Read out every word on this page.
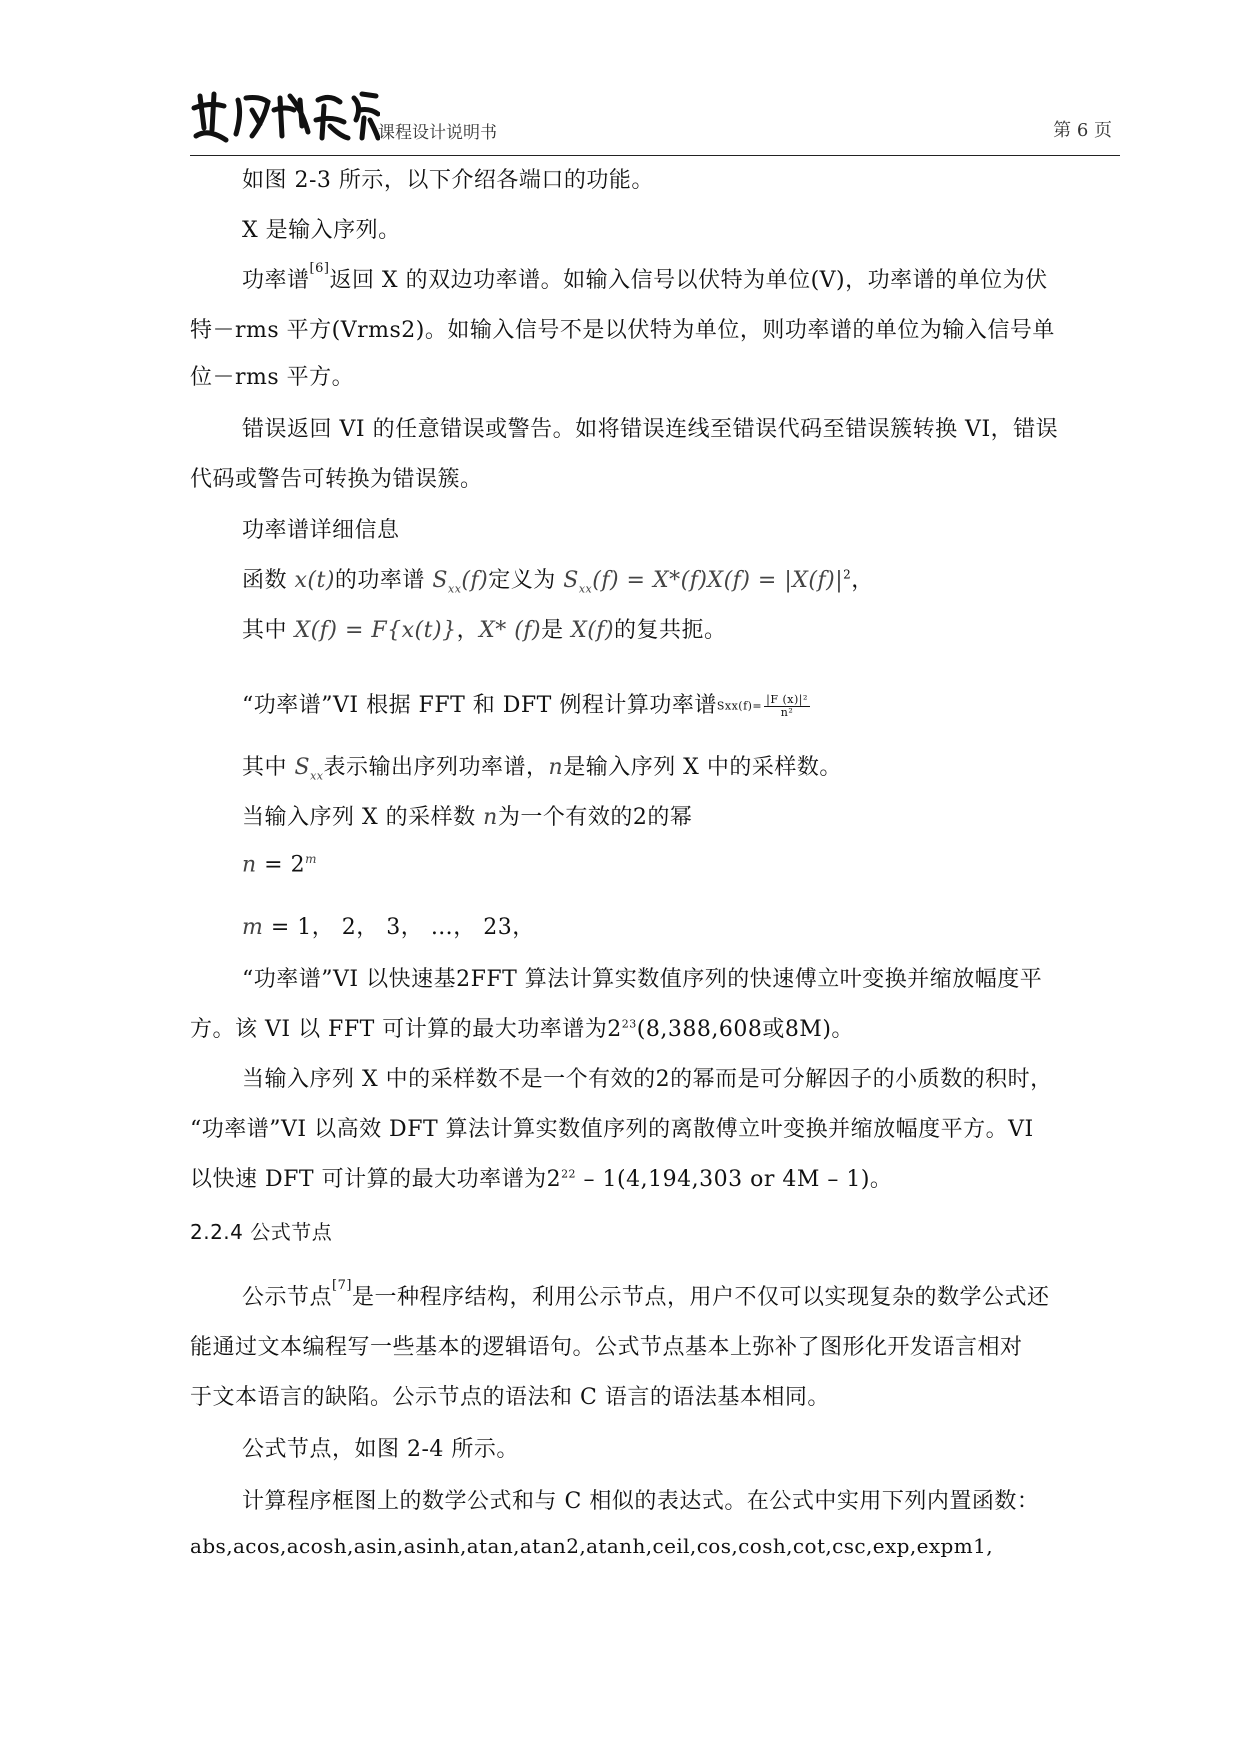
课程设计说明书	第 6 页
如图 2-3 所示，以下介绍各端口的功能。
X 是输入序列。
功率谱[6]返回 X 的双边功率谱。如输入信号以伏特为单位(V)，功率谱的单位为伏
特－rms 平方(Vrms2)。如输入信号不是以伏特为单位，则功率谱的单位为输入信号单
位－rms 平方。
错误返回 VI 的任意错误或警告。如将错误连线至错误代码至错误簇转换 VI，错误
代码或警告可转换为错误簇。
功率谱详细信息
函数 x(t)的功率谱 $S_{xx}(f)$定义为 $S_{xx}(f) = X*(f)X(f) = |X(f)|^2$，
其中 X(f) = F{x(t)}，X* (f)是 X(f)的复共扼。
“功率谱”VI 根据 FFT 和 DFT 例程计算功率谱$Sxx(f)= \frac{\text{|F (x)|²}}{\text{n²}}$
其中 $S_{xx}$表示输出序列功率谱，n是输入序列 X 中的采样数。
当输入序列 X 的采样数 n为一个有效的2的幂
$n = 2^m$
m = 1， 2， 3， …， 23，
“功率谱”VI 以快速基2FFT 算法计算实数值序列的快速傅立叶变换并缩放幅度平
方。该 VI 以 FFT 可计算的最大功率谱为$2^{23}(8,388,608$或8M)。
当输入序列 X 中的采样数不是一个有效的2的幂而是可分解因子的小质数的积时，
“功率谱”VI 以高效 DFT 算法计算实数值序列的离散傅立叶变换并缩放幅度平方。VI
以快速 DFT 可计算的最大功率谱为$2^{22} - 1(4,194,303$ or 4M – 1)。
2.2.4 公式节点
公示节点[7]是一种程序结构，利用公示节点，用户不仅可以实现复杂的数学公式还
能通过文本编程写一些基本的逻辑语句。公式节点基本上弥补了图形化开发语言相对
于文本语言的缺陷。公示节点的语法和 C 语言的语法基本相同。
公式节点，如图 2-4 所示。
计算程序框图上的数学公式和与 C 相似的表达式。在公式中实用下列内置函数：
abs,acos,acosh,asin,asinh,atan,atan2,atanh,ceil,cos,cosh,cot,csc,exp,expm1,
